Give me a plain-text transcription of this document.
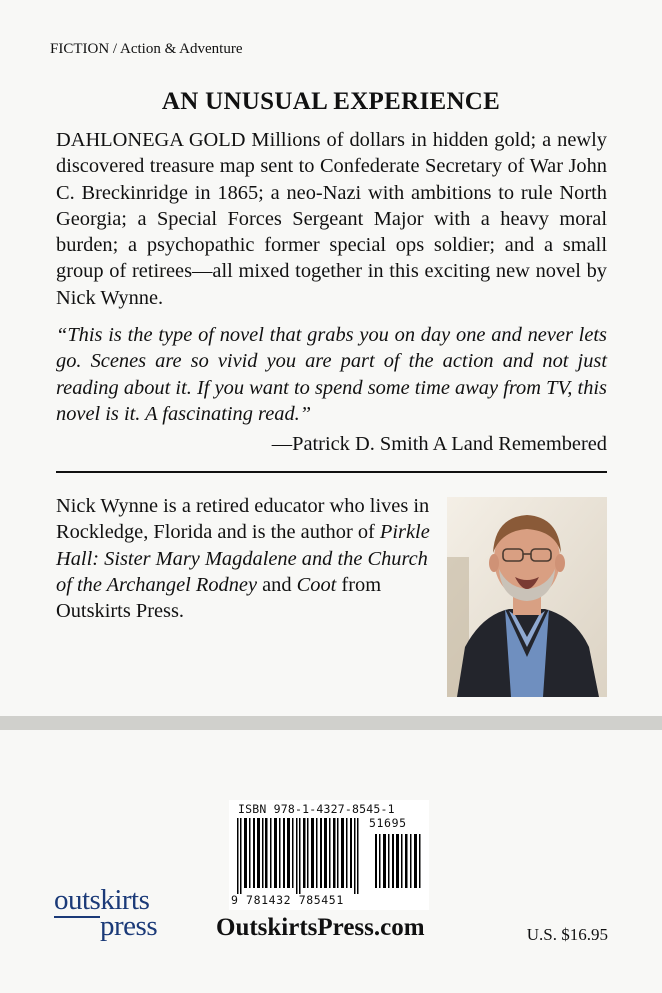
FICTION / Action & Adventure
AN UNUSUAL EXPERIENCE

DAHLONEGA GOLD Millions of dollars in hidden gold; a newly discovered treasure map sent to Confederate Secretary of War John C. Breckinridge in 1865; a neo-Nazi with ambitions to rule North Georgia; a Special Forces Sergeant Major with a heavy moral burden; a psychopathic former special ops soldier; and a small group of retirees—all mixed together in this exciting new novel by Nick Wynne.

“This is the type of novel that grabs you on day one and never lets go. Scenes are so vivid you are part of the action and not just reading about it. If you want to spend some time away from TV, this novel is it. A fascinating read.”

—Patrick D. Smith A Land Remembered

Nick Wynne is a retired educator who lives in Rockledge, Florida and is the author of Pirkle Hall: Sister Mary Magdalene and the Church of the Archangel Rodney and Coot from Outskirts Press.

ISBN 978-1-4327-8545-1
51695
9 781432 785451
outskirts
press OutskirtsPress.com	U.S. $16.95
